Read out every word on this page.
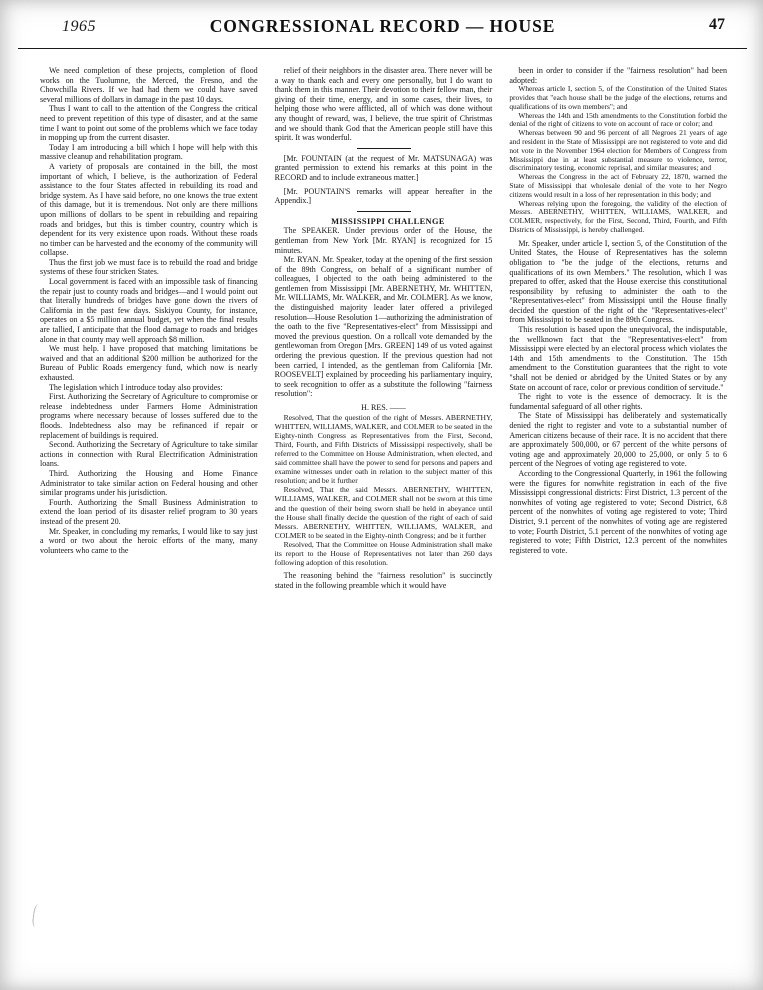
1965	CONGRESSIONAL RECORD — HOUSE	47

We need completion of these projects, completion of flood works on the Tuolumne, the Merced, the Fresno, and the Chowchilla Rivers. If we had had them we could have saved several millions of dollars in damage in the past 10 days.

Thus I want to call to the attention of the Congress the critical need to prevent repetition of this type of disaster, and at the same time I want to point out some of the problems which we face today in mopping up from the current disaster.

Today I am introducing a bill which I hope will help with this massive cleanup and rehabilitation program.

A variety of proposals are contained in the bill, the most important of which, I believe, is the authorization of Federal assistance to the four States affected in rebuilding its road and bridge system. As I have said before, no one knows the true extent of this damage, but it is tremendous. Not only are there millions upon millions of dollars to be spent in rebuilding and repairing roads and bridges, but this is timber country, country which is dependent for its very existence upon roads. Without these roads no timber can be harvested and the economy of the community will collapse.

Thus the first job we must face is to rebuild the road and bridge systems of these four stricken States.

Local government is faced with an impossible task of financing the repair just to county roads and bridges—and I would point out that literally hundreds of bridges have gone down the rivers of California in the past few days. Siskiyou County, for instance, operates on a $5 million annual budget, yet when the final results are tallied, I anticipate that the flood damage to roads and bridges alone in that county may well approach $8 million.

We must help. I have proposed that matching limitations be waived and that an additional $200 million be authorized for the Bureau of Public Roads emergency fund, which now is nearly exhausted.

The legislation which I introduce today also provides:

First. Authorizing the Secretary of Agriculture to compromise or release indebtedness under Farmers Home Administration programs where necessary because of losses suffered due to the floods. Indebtedness also may be refinanced if repair or replacement of buildings is required.

Second. Authorizing the Secretary of Agriculture to take similar actions in connection with Rural Electrification Administration loans.

Third. Authorizing the Housing and Home Finance Administrator to take similar action on Federal housing and other similar programs under his jurisdiction.

Fourth. Authorizing the Small Business Administration to extend the loan period of its disaster relief program to 30 years instead of the present 20.

Mr. Speaker, in concluding my remarks, I would like to say just a word or two about the heroic efforts of the many, many volunteers who came to the

relief of their neighbors in the disaster area. There never will be a way to thank each and every one personally, but I do want to thank them in this manner. Their devotion to their fellow man, their giving of their time, energy, and in some cases, their lives, to helping those who were afflicted, all of which was done without any thought of reward, was, I believe, the true spirit of Christmas and we should thank God that the American people still have this spirit. It was wonderful.

[Mr. FOUNTAIN (at the request of Mr. MATSUNAGA) was granted permission to extend his remarks at this point in the RECORD and to include extraneous matter.]

[Mr. POUNTAIN'S remarks will appear hereafter in the Appendix.]

MISSISSIPPI CHALLENGE

The SPEAKER. Under previous order of the House, the gentleman from New York [Mr. RYAN] is recognized for 15 minutes.

Mr. RYAN. Mr. Speaker, today at the opening of the first session of the 89th Congress, on behalf of a significant number of colleagues, I objected to the oath being administered to the gentlemen from Mississippi [Mr. ABERNETHY, Mr. WHITTEN, Mr. WILLIAMS, Mr. WALKER, and Mr. COLMER]. As we know, the distinguished majority leader later offered a privileged resolution—House Resolution 1—authorizing the administration of the oath to the five "Representatives-elect" from Mississippi and moved the previous question. On a rollcall vote demanded by the gentlewoman from Oregon [Mrs. GREEN] 149 of us voted against ordering the previous question. If the previous question had not been carried, I intended, as the gentleman from California [Mr. ROOSEVELT] explained by proceeding his parliamentary inquiry, to seek recognition to offer as a substitute the following "fairness resolution":

H. RES. ——

Resolved, That the question of the right of Messrs. ABERNETHY, WHITTEN, WILLIAMS, WALKER, and COLMER to be seated in the Eighty-ninth Congress as Representatives from the First, Second, Third, Fourth, and Fifth Districts of Mississippi respectively, shall be referred to the Committee on House Administration, when elected, and said committee shall have the power to send for persons and papers and examine witnesses under oath in relation to the subject matter of this resolution; and be it further

Resolved, That the said Messrs. ABERNETHY, WHITTEN, WILLIAMS, WALKER, and COLMER shall not be sworn at this time and the question of their being sworn shall be held in abeyance until the House shall finally decide the question of the right of each of said Messrs. ABERNETHY, WHITTEN, WILLIAMS, WALKER, and COLMER to be seated in the Eighty-ninth Congress; and be it further

Resolved, That the Committee on House Administration shall make its report to the House of Representatives not later than 260 days following adoption of this resolution.

The reasoning behind the "fairness resolution" is succinctly stated in the following preamble which it would have

been in order to consider if the "fairness resolution" had been adopted:

Whereas article I, section 5, of the Constitution of the United States provides that "each house shall be the judge of the elections, returns and qualifications of its own members"; and

Whereas the 14th and 15th amendments to the Constitution forbid the denial of the right of citizens to vote on account of race or color; and

Whereas between 90 and 96 percent of all Negroes 21 years of age and resident in the State of Mississippi are not registered to vote and did not vote in the November 1964 election for Members of Congress from Mississippi due in at least substantial measure to violence, terror, discriminatory testing, economic reprisal, and similar measures; and

Whereas the Congress in the act of February 22, 1870, warned the State of Mississippi that wholesale denial of the vote to her Negro citizens would result in a loss of her representation in this body; and

Whereas relying upon the foregoing, the validity of the election of Messrs. ABERNETHY, WHITTEN, WILLIAMS, WALKER, and COLMER, respectively, for the First, Second, Third, Fourth, and Fifth Districts of Mississippi, is hereby challenged.

Mr. Speaker, under article I, section 5, of the Constitution of the United States, the House of Representatives has the solemn obligation to "be the judge of the elections, returns and qualifications of its own Members." The resolution, which I was prepared to offer, asked that the House exercise this constitutional responsibility by refusing to administer the oath to the "Representatives-elect" from Mississippi until the House finally decided the question of the right of the "Representatives-elect" from Mississippi to be seated in the 89th Congress.

This resolution is based upon the unequivocal, the indisputable, the wellknown fact that the "Representatives-elect" from Mississippi were elected by an electoral process which violates the 14th and 15th amendments to the Constitution. The 15th amendment to the Constitution guarantees that the right to vote "shall not be denied or abridged by the United States or by any State on account of race, color or previous condition of servitude."

The right to vote is the essence of democracy. It is the fundamental safeguard of all other rights.

The State of Mississippi has deliberately and systematically denied the right to register and vote to a substantial number of American citizens because of their race. It is no accident that there are approximately 500,000, or 67 percent of the white persons of voting age and approximately 20,000 to 25,000, or only 5 to 6 percent of the Negroes of voting age registered to vote.

According to the Congressional Quarterly, in 1961 the following were the figures for nonwhite registration in each of the five Mississippi congressional districts: First District, 1.3 percent of the nonwhites of voting age registered to vote; Second District, 6.8 percent of the nonwhites of voting age registered to vote; Third District, 9.1 percent of the nonwhites of voting age are registered to vote; Fourth District, 5.1 percent of the nonwhites of voting age registered to vote; Fifth District, 12.3 percent of the nonwhites registered to vote.
